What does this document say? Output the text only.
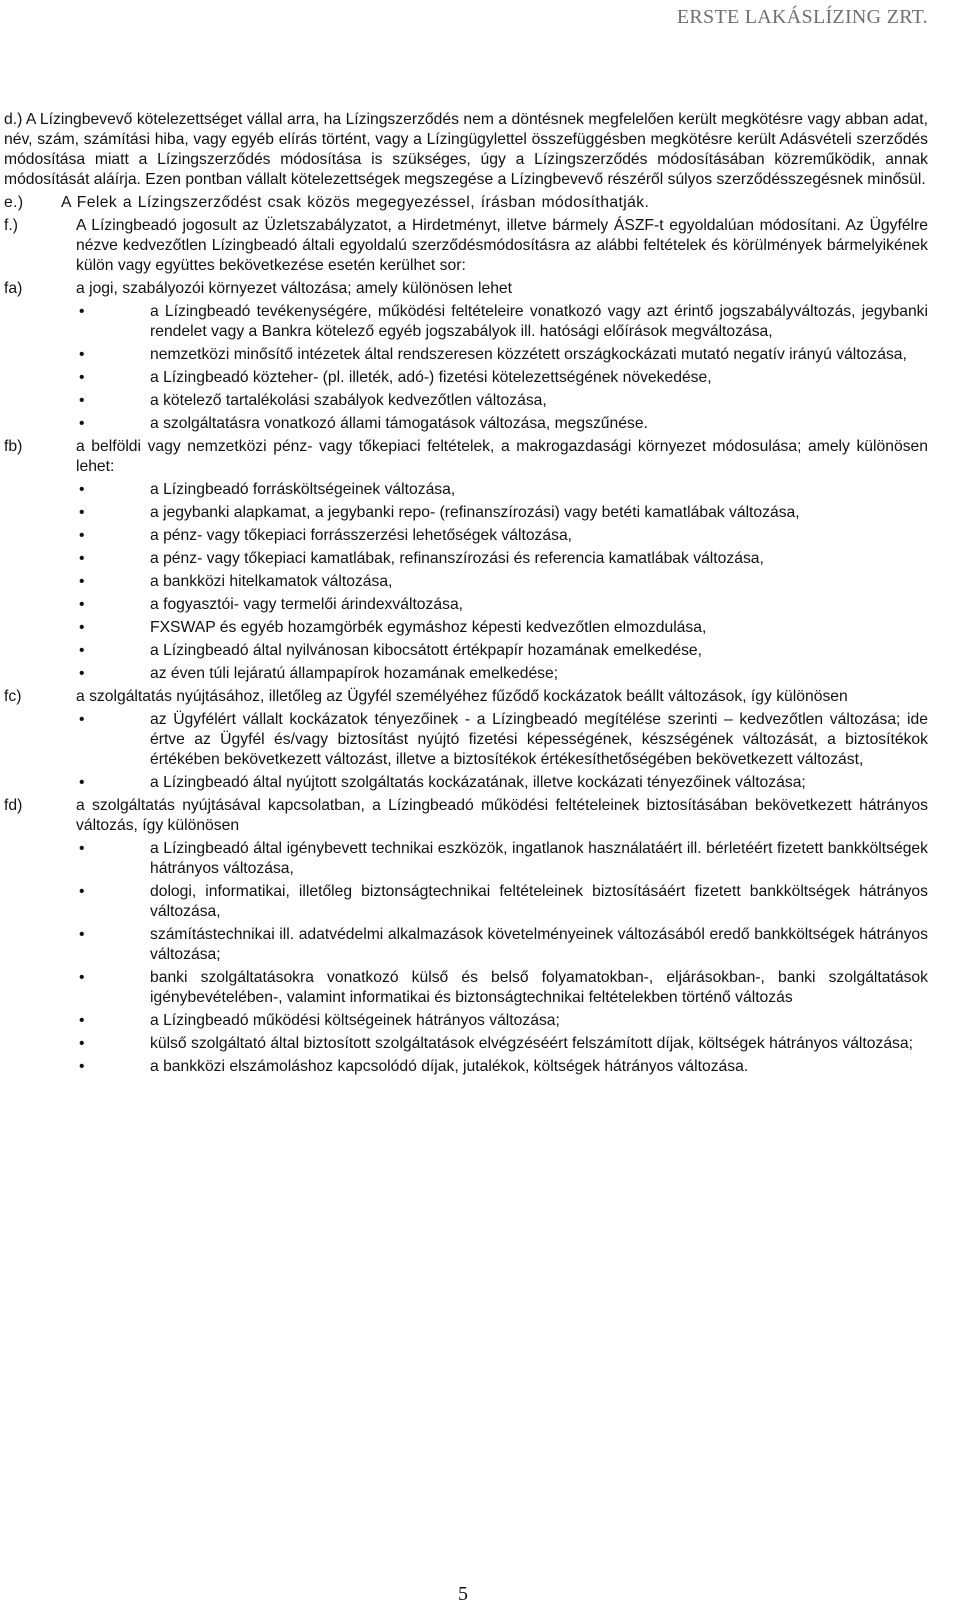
ERSTE LAKÁSLÍZING ZRT.

d.) A Lízingbevevő kötelezettséget vállal arra, ha Lízingszerződés nem a döntésnek megfelelően került megkötésre vagy abban adat, név, szám, számítási hiba, vagy egyéb elírás történt, vagy a Lízingügylettel összefüggésben megkötésre került Adásvételi szerződés módosítása miatt a Lízingszerződés módosítása is szükséges, úgy a Lízingszerződés módosításában közreműködik, annak módosítását aláírja. Ezen pontban vállalt kötelezettségek megszegése a Lízingbevevő részéről súlyos szerződésszegésnek minősül.

e.)	A Felek a Lízingszerződést csak közös megegyezéssel, írásban módosíthatják.
f.)	A Lízingbeadó jogosult az Üzletszabályzatot, a Hirdetményt, illetve bármely ÁSZF-t egyoldalúan módosítani. Az Ügyfélre nézve kedvezőtlen Lízingbeadó általi egyoldalú szerződésmódosításra az alábbi feltételek és körülmények bármelyikének külön vagy együttes bekövetkezése esetén kerülhet sor:
fa)	a jogi, szabályozói környezet változása; amely különösen lehet
•	a Lízingbeadó tevékenységére, működési feltételeire vonatkozó vagy azt érintő jogszabályváltozás, jegybanki rendelet vagy a Bankra kötelező egyéb jogszabályok ill. hatósági előírások megváltozása,
•	nemzetközi minősítő intézetek által rendszeresen közzétett országkockázati mutató negatív irányú változása,
•	a Lízingbeadó közteher- (pl. illeték, adó-) fizetési kötelezettségének növekedése,
•	a kötelező tartalékolási szabályok kedvezőtlen változása,
•	a szolgáltatásra vonatkozó állami támogatások változása, megszűnése.
fb)	a belföldi vagy nemzetközi pénz- vagy tőkepiaci feltételek, a makrogazdasági környezet módosulása; amely különösen lehet:
•	a Lízingbeadó forrásköltségeinek változása,
•	a jegybanki alapkamat, a jegybanki repo- (refinanszírozási) vagy betéti kamatlábak változása,
•	a pénz- vagy tőkepiaci forrásszerzési lehetőségek változása,
•	a pénz- vagy tőkepiaci kamatlábak, refinanszírozási és referencia kamatlábak változása,
•	a bankközi hitelkamatok változása,
•	a fogyasztói- vagy termelői árindexváltozása,
•	FXSWAP és egyéb hozamgörbék egymáshoz képesti kedvezőtlen elmozdulása,
•	a Lízingbeadó által nyilvánosan kibocsátott értékpapír hozamának emelkedése,
•	az éven túli lejáratú állampapírok hozamának emelkedése;
fc)	a szolgáltatás nyújtásához, illetőleg az Ügyfél személyéhez fűződő kockázatok beállt változások, így különösen
•	az Ügyfélért vállalt kockázatok tényezőinek - a Lízingbeadó megítélése szerinti – kedvezőtlen változása; ide értve az Ügyfél és/vagy biztosítást nyújtó fizetési képességének, készségének változását, a biztosítékok értékében bekövetkezett változást, illetve a biztosítékok értékesíthetőségében bekövetkezett változást,
•	a Lízingbeadó által nyújtott szolgáltatás kockázatának, illetve kockázati tényezőinek változása;
fd)	a szolgáltatás nyújtásával kapcsolatban, a Lízingbeadó működési feltételeinek biztosításában bekövetkezett hátrányos változás, így különösen
•	a Lízingbeadó által igénybevett technikai eszközök, ingatlanok használatáért ill. bérletéért fizetett bankköltségek hátrányos változása,
•	dologi, informatikai, illetőleg biztonságtechnikai feltételeinek biztosításáért fizetett bankköltségek hátrányos változása,
•	számítástechnikai ill. adatvédelmi alkalmazások követelményeinek változásából eredő bankköltségek hátrányos változása;
•	banki szolgáltatásokra vonatkozó külső és belső folyamatokban-, eljárásokban-, banki szolgáltatások igénybevételében-, valamint informatikai és biztonságtechnikai feltételekben történő változás
•	a Lízingbeadó működési költségeinek hátrányos változása;
•	külső szolgáltató által biztosított szolgáltatások elvégzéséért felszámított díjak, költségek hátrányos változása;
•	a bankközi elszámoláshoz kapcsolódó díjak, jutalékok, költségek hátrányos változása.
5
